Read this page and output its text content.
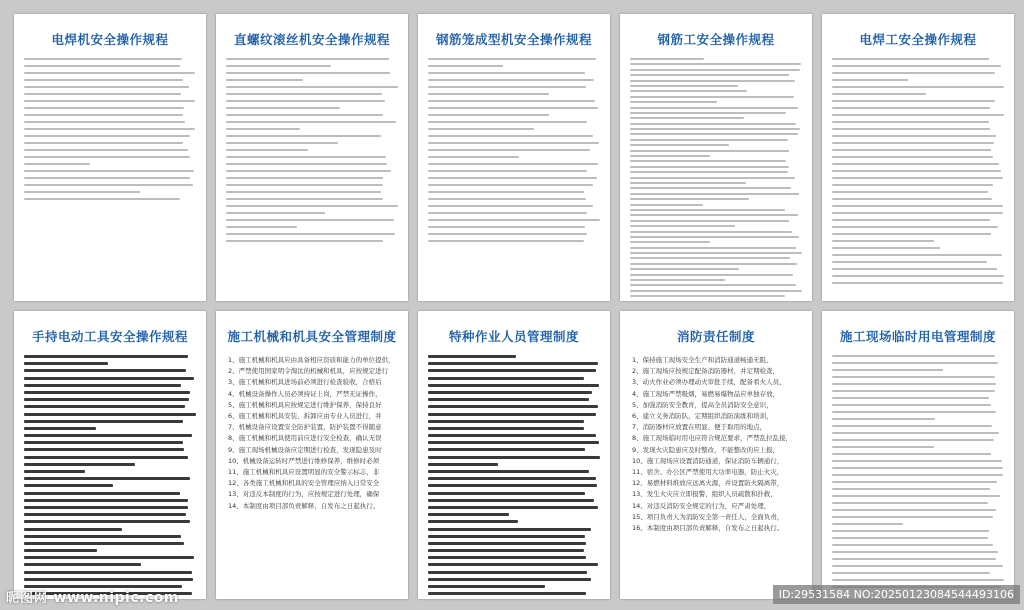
电焊机安全操作规程	直螺纹滚丝机安全操作规程	钢筋笼成型机安全操作规程	钢筋工安全操作规程	电焊工安全操作规程
手持电动工具安全操作规程	施工机械和机具安全管理制度
1、施工机械和机具应由具备相应资质和能力的单位提供，
2、严禁使用国家明令淘汰的机械和机具，应按规定进行
3、施工机械和机具进场前必须进行检查验收，合格后
4、机械设备操作人员必须持证上岗，严禁无证操作，
5、施工机械和机具应按规定进行维护保养，保持良好
6、施工机械和机具安装、拆卸应由专业人员进行，并
7、机械设备应设置安全防护装置，防护装置不得随意
8、施工机械和机具使用前应进行安全检查，确认无误
9、施工现场机械设备应定期进行检查，发现隐患及时
10、机械设备运转时严禁进行维修保养，维修时必须
11、施工机械和机具应设置明显的安全警示标志，非
12、各类施工机械和机具的安全管理应纳入日常安全
13、对违反本制度的行为，应按规定进行处理，确保
14、本制度由项目部负责解释，自发布之日起执行。
特种作业人员管理制度	消防责任制度
1、保持施工现场安全生产和消防通道畅通无阻，
2、施工现场应按规定配备消防器材，并定期检查，
3、动火作业必须办理动火审批手续，配备看火人员，
4、施工现场严禁吸烟，易燃易爆物品应单独存放，
5、加强消防安全教育，提高全员消防安全意识，
6、建立义务消防队，定期组织消防演练和培训，
7、消防器材应放置在明显、便于取用的地点，
8、施工现场临时用电应符合规范要求，严禁乱拉乱接，
9、发现火灾隐患应及时整改，不能整改的应上报，
10、施工现场应设置消防通道，保证消防车辆通行，
11、宿舍、办公区严禁使用大功率电器，防止火灾，
12、易燃材料堆放应远离火源，并设置防火隔离带，
13、发生火灾应立即报警，组织人员疏散和扑救，
14、对违反消防安全规定的行为，应严肃处理，
15、项目负责人为消防安全第一责任人，全面负责，
16、本制度由项目部负责解释，自发布之日起执行。
施工现场临时用电管理制度
昵图网 www.nipic.com	ID:29531584 NO:20250123084544493106
